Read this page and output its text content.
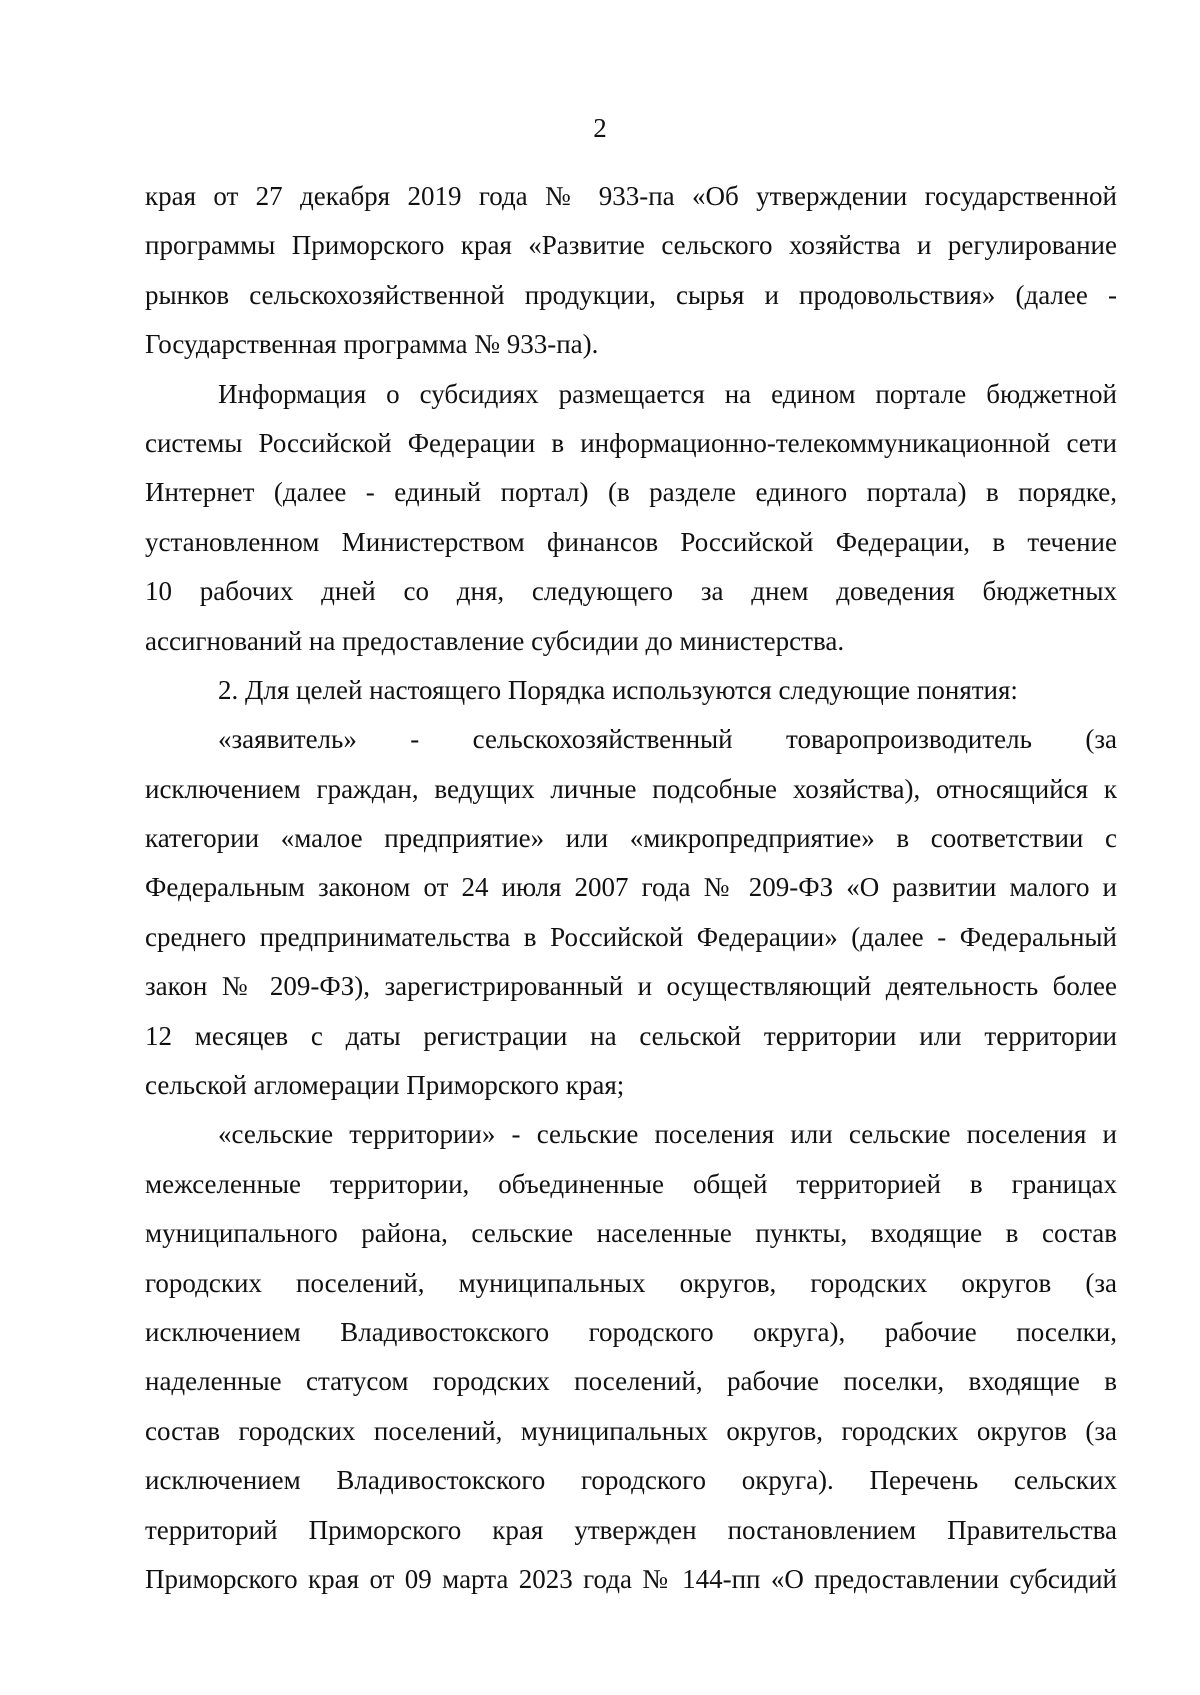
2
края от 27 декабря 2019 года № 933-па «Об утверждении государственной
программы Приморского края «Развитие сельского хозяйства и регулирование
рынков сельскохозяйственной продукции, сырья и продовольствия» (далее -
Государственная программа № 933-па).
Информация о субсидиях размещается на едином портале бюджетной
системы Российской Федерации в информационно-телекоммуникационной сети
Интернет (далее - единый портал) (в разделе единого портала) в порядке,
установленном Министерством финансов Российской Федерации, в течение
10 рабочих дней со дня, следующего за днем доведения бюджетных
ассигнований на предоставление субсидии до министерства.
2. Для целей настоящего Порядка используются следующие понятия:
«заявитель» - сельскохозяйственный товаропроизводитель (за
исключением граждан, ведущих личные подсобные хозяйства), относящийся к
категории «малое предприятие» или «микропредприятие» в соответствии с
Федеральным законом от 24 июля 2007 года № 209-ФЗ «О развитии малого и
среднего предпринимательства в Российской Федерации» (далее - Федеральный
закон № 209-ФЗ), зарегистрированный и осуществляющий деятельность более
12 месяцев с даты регистрации на сельской территории или территории
сельской агломерации Приморского края;
«сельские территории» - сельские поселения или сельские поселения и
межселенные территории, объединенные общей территорией в границах
муниципального района, сельские населенные пункты, входящие в состав
городских поселений, муниципальных округов, городских округов (за
исключением Владивостокского городского округа), рабочие поселки,
наделенные статусом городских поселений, рабочие поселки, входящие в
состав городских поселений, муниципальных округов, городских округов (за
исключением Владивостокского городского округа). Перечень сельских
территорий Приморского края утвержден постановлением Правительства
Приморского края от 09 марта 2023 года № 144-пп «О предоставлении субсидий
